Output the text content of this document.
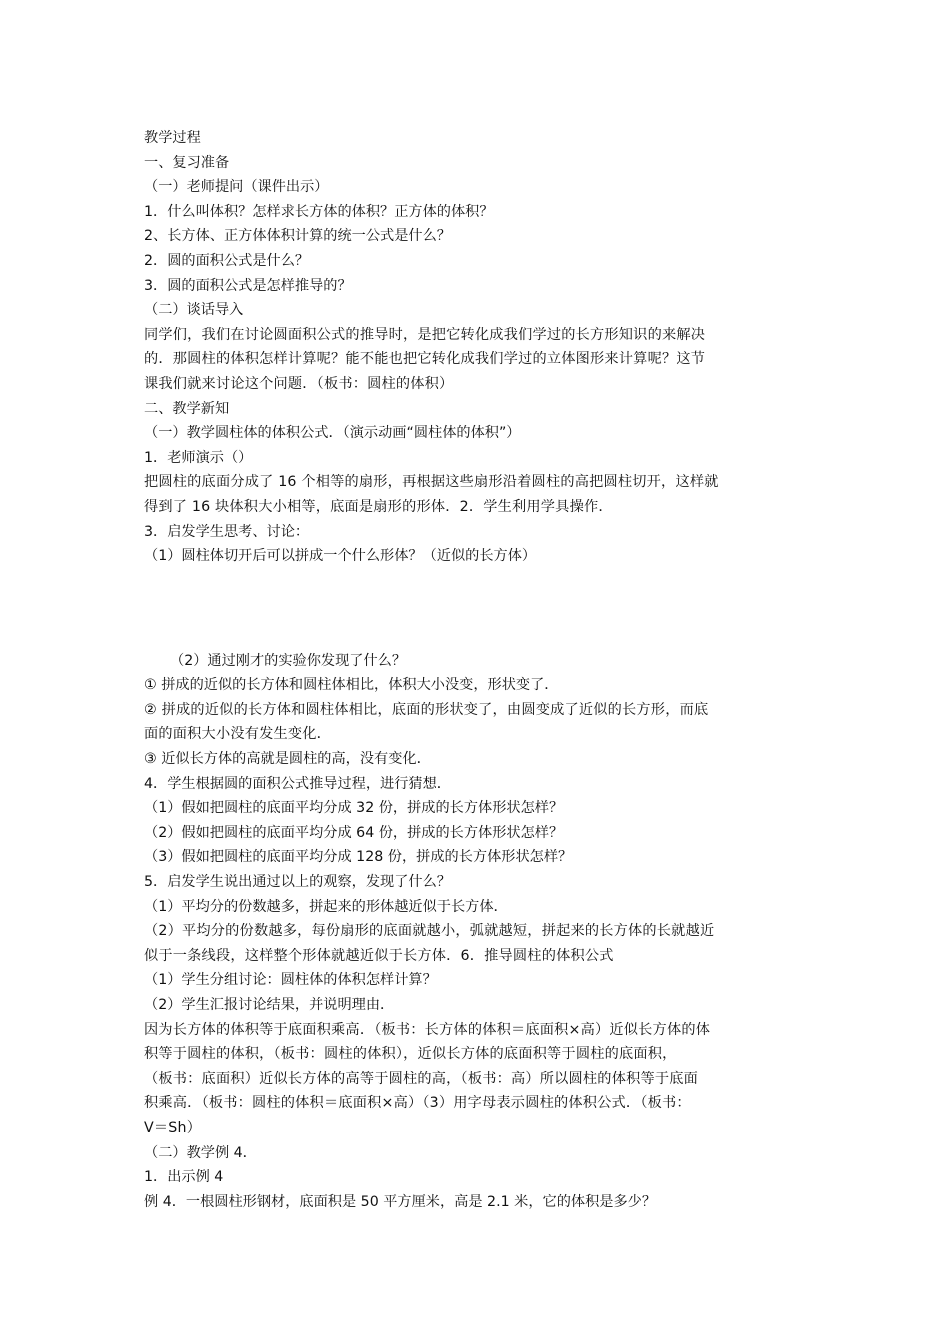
教学过程

一、复习准备

（一）老师提问（课件出示）

1．什么叫体积？怎样求长方体的体积？正方体的体积？

2、长方体、正方体体积计算的统一公式是什么？

2．圆的面积公式是什么？

3．圆的面积公式是怎样推导的？

（二）谈话导入

同学们，我们在讨论圆面积公式的推导时，是把它转化成我们学过的长方形知识的来解决
的．那圆柱的体积怎样计算呢？能不能也把它转化成我们学过的立体图形来计算呢？这节
课我们就来讨论这个问题．（板书：圆柱的体积）

二、教学新知

（一）教学圆柱体的体积公式．（演示动画“圆柱体的体积”）

1．老师演示（）

把圆柱的底面分成了 16 个相等的扇形，再根据这些扇形沿着圆柱的高把圆柱切开，这样就
得到了 16 块体积大小相等，底面是扇形的形体．2．学生利用学具操作．

3．启发学生思考、讨论：

（1）圆柱体切开后可以拼成一个什么形体？（近似的长方体）

（2）通过刚才的实验你发现了什么？

① 拼成的近似的长方体和圆柱体相比，体积大小没变，形状变了．

② 拼成的近似的长方体和圆柱体相比，底面的形状变了，由圆变成了近似的长方形，而底
面的面积大小没有发生变化．

③ 近似长方体的高就是圆柱的高，没有变化．

4．学生根据圆的面积公式推导过程，进行猜想．

（1）假如把圆柱的底面平均分成 32 份，拼成的长方体形状怎样？

（2）假如把圆柱的底面平均分成 64 份，拼成的长方体形状怎样？

（3）假如把圆柱的底面平均分成 128 份，拼成的长方体形状怎样？

5．启发学生说出通过以上的观察，发现了什么？

（1）平均分的份数越多，拼起来的形体越近似于长方体．

（2）平均分的份数越多，每份扇形的底面就越小，弧就越短，拼起来的长方体的长就越近
似于一条线段，这样整个形体就越近似于长方体．6．推导圆柱的体积公式

（1）学生分组讨论：圆柱体的体积怎样计算？

（2）学生汇报讨论结果，并说明理由．

因为长方体的体积等于底面积乘高．（板书：长方体的体积＝底面积×高）近似长方体的体
积等于圆柱的体积，（板书：圆柱的体积），近似长方体的底面积等于圆柱的底面积，
（板书：底面积）近似长方体的高等于圆柱的高，（板书：高）所以圆柱的体积等于底面
积乘高．（板书：圆柱的体积＝底面积×高）（3）用字母表示圆柱的体积公式．（板书：
V＝Sh）

（二）教学例 4．

1．出示例 4

例 4．一根圆柱形钢材，底面积是 50 平方厘米，高是 2.1 米，它的体积是多少？
